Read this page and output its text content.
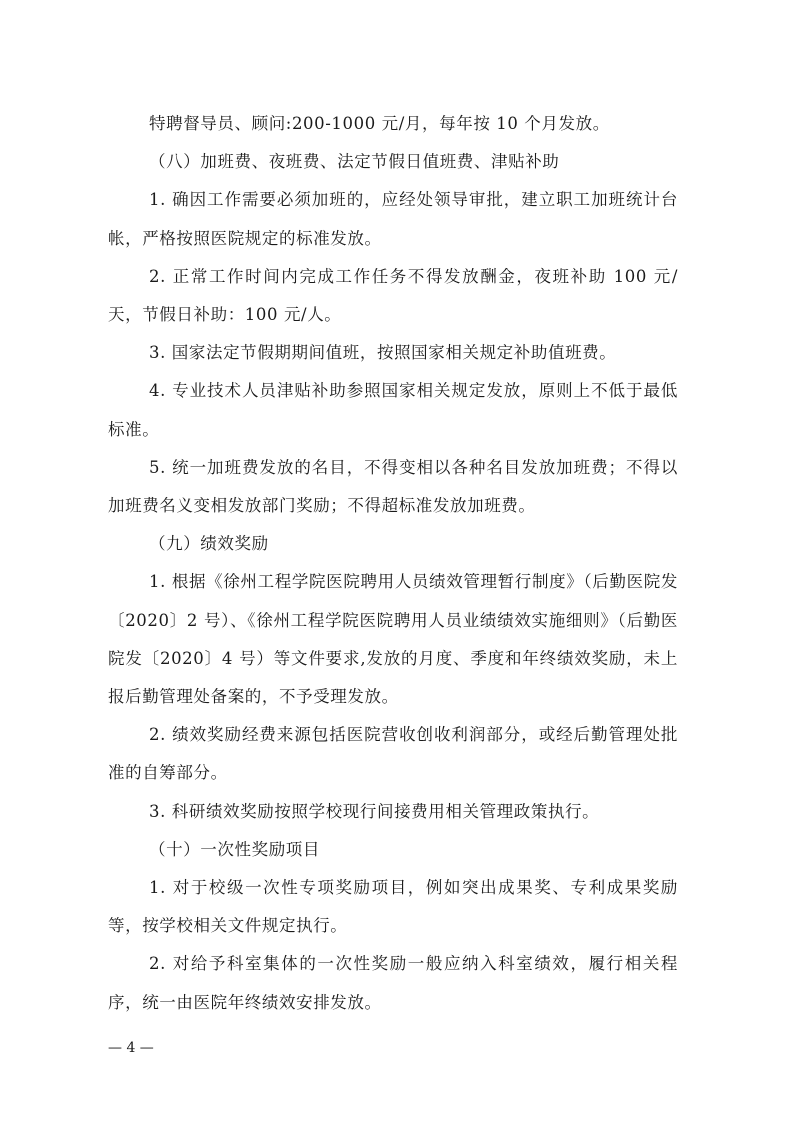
特聘督导员、顾问:200-1000 元/月，每年按 10 个月发放。

（八）加班费、夜班费、法定节假日值班费、津贴补助

1. 确因工作需要必须加班的，应经处领导审批，建立职工加班统计台帐，严格按照医院规定的标准发放。

2. 正常工作时间内完成工作任务不得发放酬金，夜班补助 100 元/天，节假日补助：100 元/人。

3. 国家法定节假期期间值班，按照国家相关规定补助值班费。

4. 专业技术人员津贴补助参照国家相关规定发放，原则上不低于最低标准。

5. 统一加班费发放的名目，不得变相以各种名目发放加班费；不得以加班费名义变相发放部门奖励；不得超标准发放加班费。

（九）绩效奖励

1. 根据《徐州工程学院医院聘用人员绩效管理暂行制度》（后勤医院发〔2020〕2 号）、《徐州工程学院医院聘用人员业绩绩效实施细则》（后勤医院发〔2020〕4 号）等文件要求,发放的月度、季度和年终绩效奖励，未上报后勤管理处备案的，不予受理发放。

2. 绩效奖励经费来源包括医院营收创收利润部分，或经后勤管理处批准的自筹部分。

3. 科研绩效奖励按照学校现行间接费用相关管理政策执行。

（十）一次性奖励项目

1. 对于校级一次性专项奖励项目，例如突出成果奖、专利成果奖励等，按学校相关文件规定执行。

2. 对给予科室集体的一次性奖励一般应纳入科室绩效，履行相关程序，统一由医院年终绩效安排发放。

— 4 —
